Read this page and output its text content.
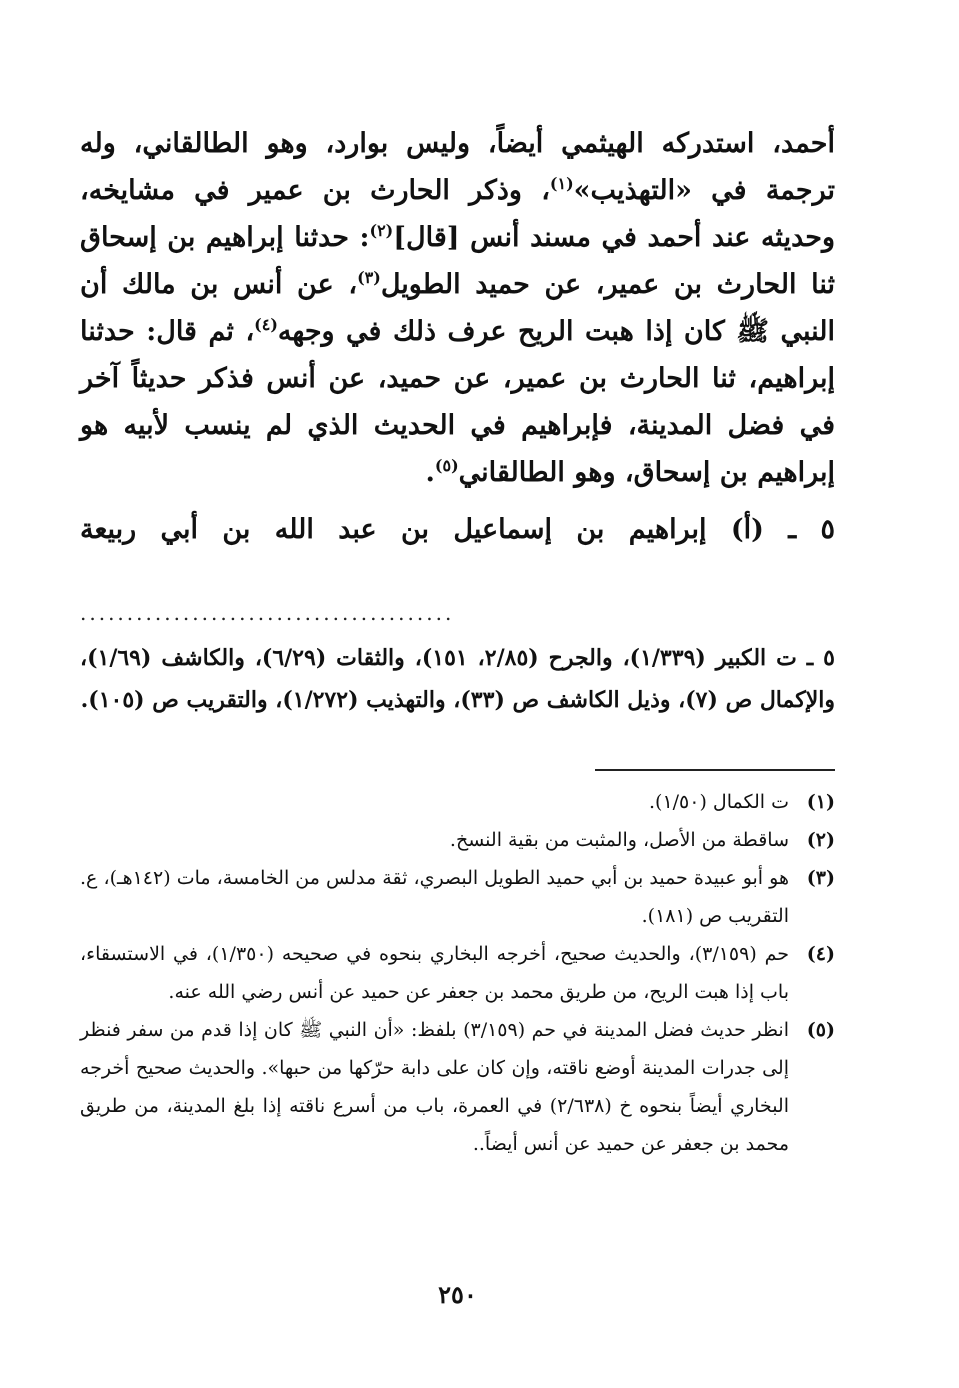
أحمد، استدركه الهيثمي أيضاً، وليس بوارد، وهو الطالقاني، وله ترجمة في «التهذيب»$^{(١)}$، وذكر الحارث بن عمير في مشايخه، وحديثه عند أحمد في مسند أنس [قال]$^{(٢)}$: حدثنا إبراهيم بن إسحاق ثنا الحارث بن عمير، عن حميد الطويل$^{(٣)}$، عن أنس بن مالك أن النبي ﷺ كان إذا هبت الريح عرف ذلك في وجهه$^{(٤)}$، ثم قال: حدثنا إبراهيم، ثنا الحارث بن عمير، عن حميد، عن أنس فذكر حديثاً آخر في فضل المدينة، فإبراهيم في الحديث الذي لم ينسب لأبيه هو إبراهيم بن إسحاق، وهو الطالقاني$^{(٥)}$.
٥ ـ (أ) إبراهيم بن إسماعيل بن عبد الله بن أبي ربيعة
........................................
٥ ـ ت الكبير (١/٣٣٩)، والجرح (٢/٨٥، ١٥١)، والثقات (٦/٢٩)، والكاشف (١/٦٩)، والإكمال ص (٧)، وذيل الكاشف ص (٣٣)، والتهذيب (١/٢٧٢)، والتقريب ص (١٠٥).
(١)
ت الكمال (١/٥٠).
(٢)
ساقطة من الأصل، والمثبت من بقية النسخ.
(٣)
هو أبو عبيدة حميد بن أبي حميد الطويل البصري، ثقة مدلس من الخامسة، مات (١٤٢هـ)، ع. التقريب ص (١٨١).
(٤)
حم (٣/١٥٩)، والحديث صحيح، أخرجه البخاري بنحوه في صحيحه (١/٣٥٠)، في الاستسقاء، باب إذا هبت الريح، من طريق محمد بن جعفر عن حميد عن أنس رضي الله عنه.
(٥)
انظر حديث فضل المدينة في حم (٣/١٥٩) بلفظ: «أن النبي ﷺ كان إذا قدم من سفر فنظر إلى جدرات المدينة أوضع ناقته، وإن كان على دابة حرّكها من حبها». والحديث صحيح أخرجه البخاري أيضاً بنحوه خ (٢/٦٣٨) في العمرة، باب من أسرع ناقته إذا بلغ المدينة، من طريق محمد بن جعفر عن حميد عن أنس أيضاً..
٢٥٠
